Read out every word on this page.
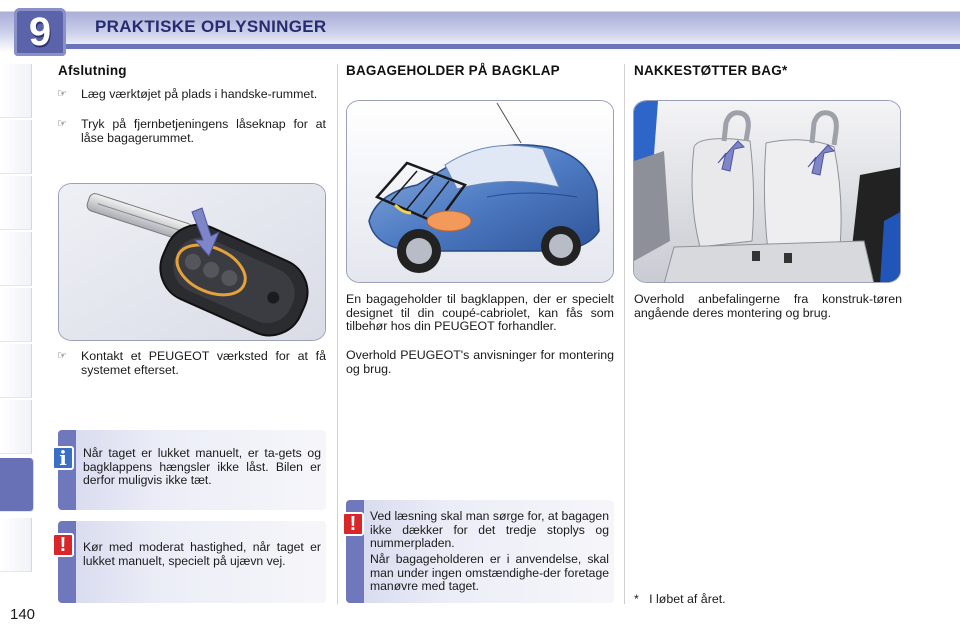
9	PRAKTISKE OPLYSNINGER
140
Afslutning
☞ Læg værktøjet på plads i handske-rummet.
☞ Tryk på fjernbetjeningens låseknap for at låse bagagerummet.
☞ Kontakt et PEUGEOT værksted for at få systemet efterset.
i	Når taget er lukket manuelt, er ta-gets og bagklappens hængsler ikke låst. Bilen er derfor muligvis ikke tæt.
!	Kør med moderat hastighed, når taget er lukket manuelt, specielt på ujævn vej.
BAGAGEHOLDER PÅ BAGKLAP
En bagageholder til bagklappen, der er specielt designet til din coupé-cabriolet, kan fås som tilbehør hos din PEUGEOT forhandler.
Overhold PEUGEOT's anvisninger for montering og brug.
!	Ved læsning skal man sørge for, at bagagen ikke dækker for det tredje stoplys og nummerpladen.
Når bagageholderen er i anvendelse, skal man under ingen omstændighe-der foretage manøvre med taget.
NAKKESTØTTER BAG*
Overhold anbefalingerne fra konstruk-tøren angående deres montering og brug.
* I løbet af året.
